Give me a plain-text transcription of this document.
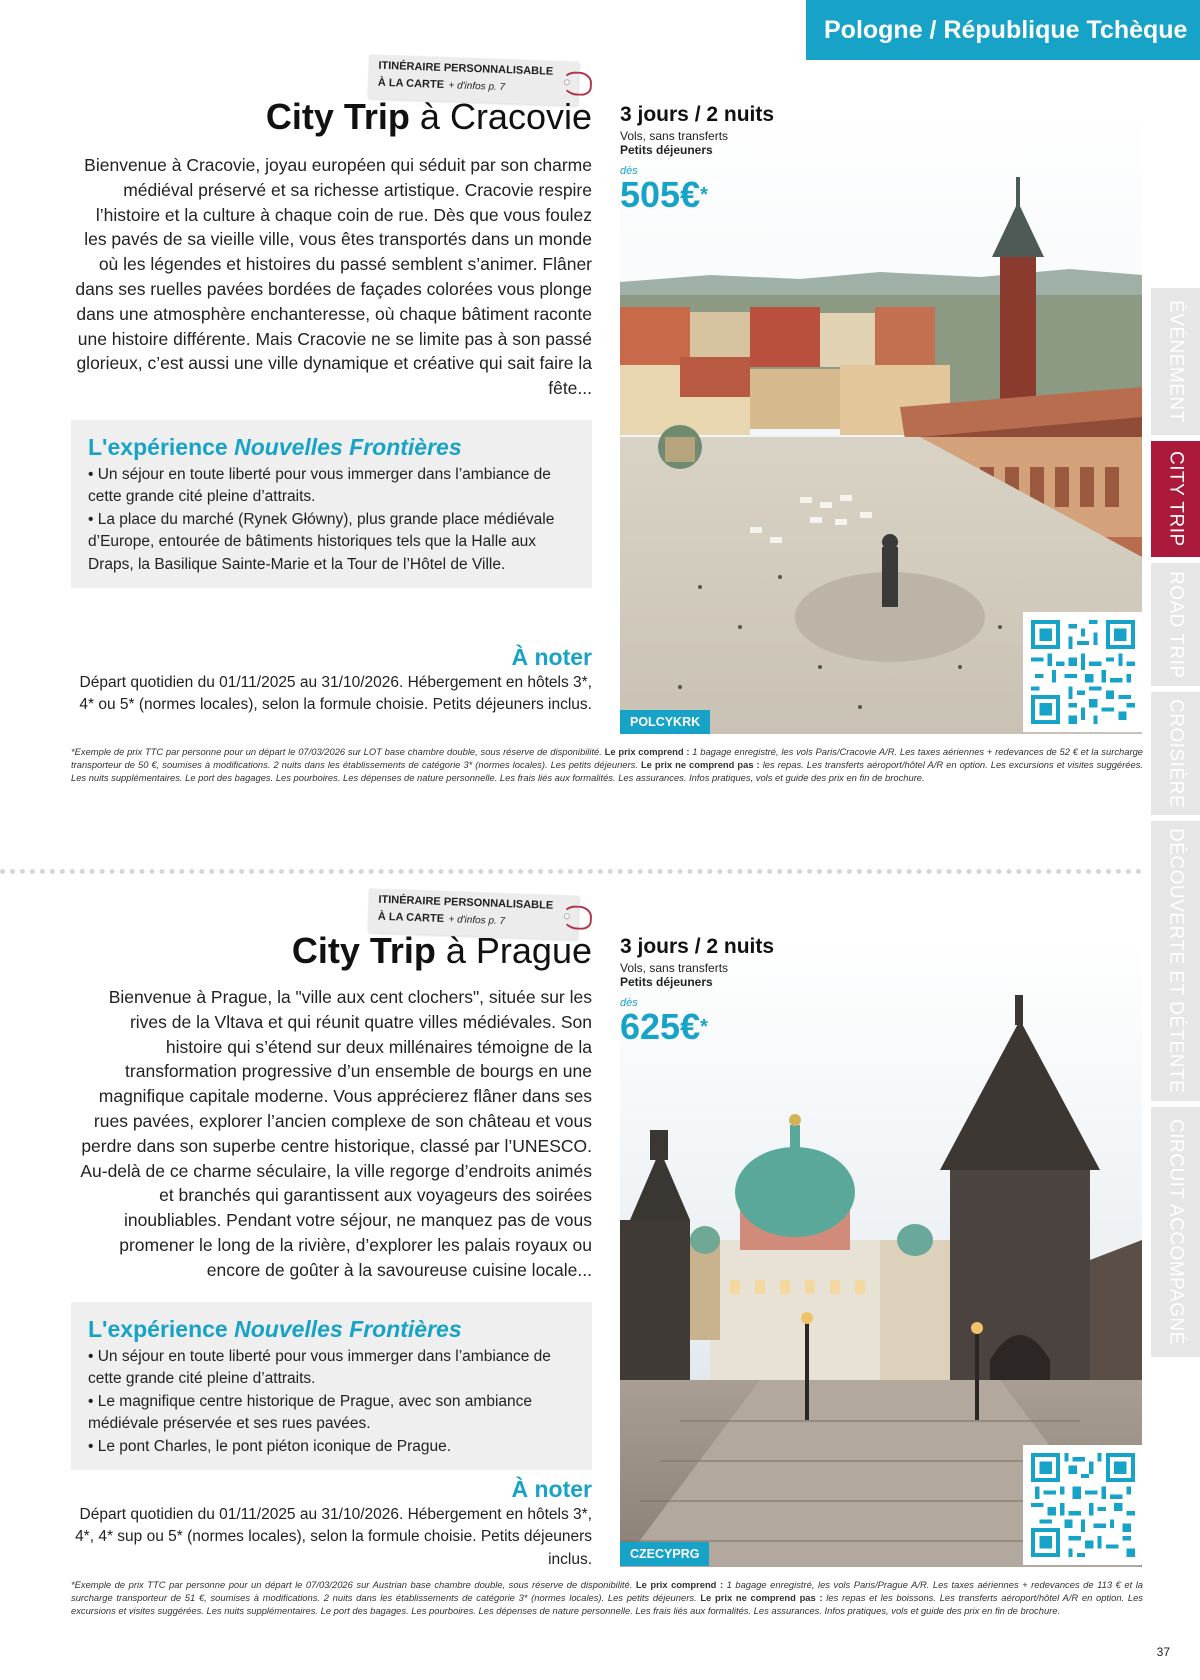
Pologne / République Tchèque
ÉVÉNEMENT
CITY TRIP
ROAD TRIP
CROISIÈRE
DÉCOUVERTE ET DÉTENTE
CIRCUIT ACCOMPAGNÉ
ITINÉRAIRE PERSONNALISABLE
À LA CARTE + d'infos p. 7
City Trip à Cracovie
Bienvenue à Cracovie, joyau européen qui séduit par son charme médiéval préservé et sa richesse artistique. Cracovie respire l’histoire et la culture à chaque coin de rue. Dès que vous foulez les pavés de sa vieille ville, vous êtes transportés dans un monde où les légendes et histoires du passé semblent s’animer. Flâner dans ses ruelles pavées bordées de façades colorées vous plonge dans une atmosphère enchanteresse, où chaque bâtiment raconte une histoire différente. Mais Cracovie ne se limite pas à son passé glorieux, c’est aussi une ville dynamique et créative qui sait faire la fête...
L'expérience Nouvelles Frontières
• Un séjour en toute liberté pour vous immerger dans l’ambiance de cette grande cité pleine d’attraits.
• La place du marché (Rynek Główny), plus grande place médiévale d’Europe, entourée de bâtiments historiques tels que la Halle aux Draps, la Basilique Sainte-Marie et la Tour de l’Hôtel de Ville.
À noter
Départ quotidien du 01/11/2025 au 31/10/2026. Hébergement en hôtels 3*, 4* ou 5* (normes locales), selon la formule choisie. Petits déjeuners inclus.
3 jours / 2 nuits
Vols, sans transferts
Petits déjeuners
dès
505€*
POLCYKRK
*Exemple de prix TTC par personne pour un départ le 07/03/2026 sur LOT base chambre double, sous réserve de disponibilité. Le prix comprend : 1 bagage enregistré, les vols Paris/Cracovie A/R. Les taxes aériennes + redevances de 52 € et la surcharge transporteur de 50 €, soumises à modifications. 2 nuits dans les établissements de catégorie 3* (normes locales). Les petits déjeuners. Le prix ne comprend pas : les repas. Les transferts aéroport/hôtel A/R en option. Les excursions et visites suggérées. Les nuits supplémentaires. Le port des bagages. Les pourboires. Les dépenses de nature personnelle. Les frais liés aux formalités. Les assurances. Infos pratiques, vols et guide des prix en fin de brochure.
ITINÉRAIRE PERSONNALISABLE
À LA CARTE + d'infos p. 7
City Trip à Prague
Bienvenue à Prague, la "ville aux cent clochers", située sur les rives de la Vltava et qui réunit quatre villes médiévales. Son histoire qui s’étend sur deux millénaires témoigne de la transformation progressive d’un ensemble de bourgs en une magnifique capitale moderne. Vous apprécierez flâner dans ses rues pavées, explorer l’ancien complexe de son château et vous perdre dans son superbe centre historique, classé par l’UNESCO. Au-delà de ce charme séculaire, la ville regorge d’endroits animés et branchés qui garantissent aux voyageurs des soirées inoubliables. Pendant votre séjour, ne manquez pas de vous promener le long de la rivière, d’explorer les palais royaux ou encore de goûter à la savoureuse cuisine locale...
L'expérience Nouvelles Frontières
• Un séjour en toute liberté pour vous immerger dans l’ambiance de cette grande cité pleine d’attraits.
• Le magnifique centre historique de Prague, avec son ambiance médiévale préservée et ses rues pavées.
• Le pont Charles, le pont piéton iconique de Prague.
À noter
Départ quotidien du 01/11/2025 au 31/10/2026. Hébergement en hôtels 3*, 4*, 4* sup ou 5* (normes locales), selon la formule choisie. Petits déjeuners inclus.
3 jours / 2 nuits
Vols, sans transferts
Petits déjeuners
dès
625€*
CZECYPRG
*Exemple de prix TTC par personne pour un départ le 07/03/2026 sur Austrian base chambre double, sous réserve de disponibilité. Le prix comprend : 1 bagage enregistré, les vols Paris/Prague A/R. Les taxes aériennes + redevances de 113 € et la surcharge transporteur de 51 €, soumises à modifications. 2 nuits dans les établissements de catégorie 3* (normes locales). Les petits déjeuners. Le prix ne comprend pas : les repas et les boissons. Les transferts aéroport/hôtel A/R en option. Les excursions et visites suggérées. Les nuits supplémentaires. Le port des bagages. Les pourboires. Les dépenses de nature personnelle. Les frais liés aux formalités. Les assurances. Infos pratiques, vols et guide des prix en fin de brochure.
37
